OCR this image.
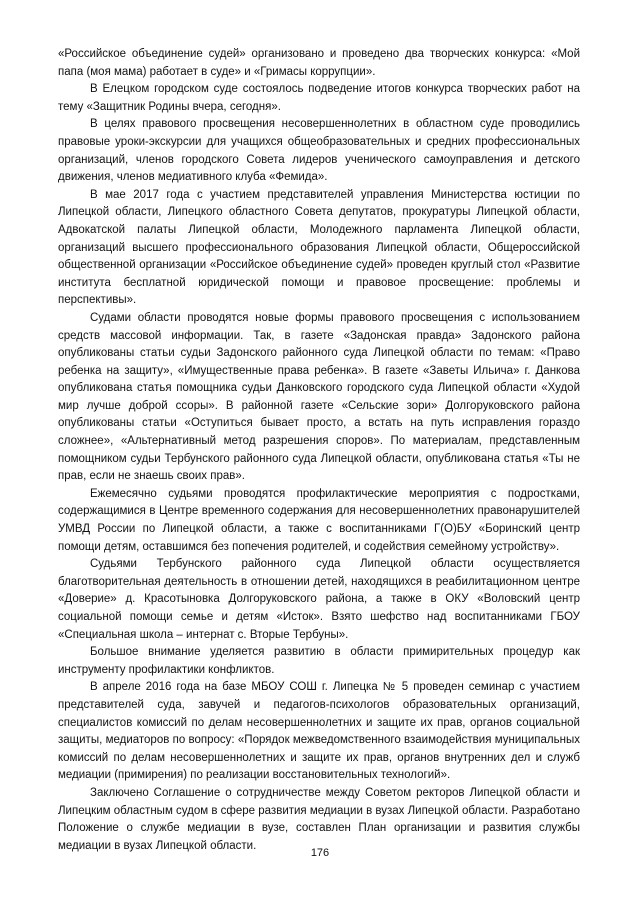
«Российское объединение судей» организовано и проведено два творческих конкурса: «Мой папа (моя мама) работает в суде» и «Гримасы коррупции».

В Елецком городском суде состоялось подведение итогов конкурса творческих работ на тему «Защитник Родины вчера, сегодня».

В целях правового просвещения несовершеннолетних в областном суде проводились правовые уроки-экскурсии для учащихся общеобразовательных и средних профессиональных организаций, членов городского Совета лидеров ученического самоуправления и детского движения, членов медиативного клуба «Фемида».

В мае 2017 года с участием представителей управления Министерства юстиции по Липецкой области, Липецкого областного Совета депутатов, прокуратуры Липецкой области, Адвокатской палаты Липецкой области, Молодежного парламента Липецкой области, организаций высшего профессионального образования Липецкой области, Общероссийской общественной организации «Российское объединение судей» проведен круглый стол «Развитие института бесплатной юридической помощи и правовое просвещение: проблемы и перспективы».

Судами области проводятся новые формы правового просвещения с использованием средств массовой информации. Так, в газете «Задонская правда» Задонского района опубликованы статьи судьи Задонского районного суда Липецкой области по темам: «Право ребенка на защиту», «Имущественные права ребенка». В газете «Заветы Ильича» г. Данкова опубликована статья помощника судьи Данковского городского суда Липецкой области «Худой мир лучше доброй ссоры». В районной газете «Сельские зори» Долгоруковского района опубликованы статьи «Оступиться бывает просто, а встать на путь исправления гораздо сложнее», «Альтернативный метод разрешения споров». По материалам, представленным помощником судьи Тербунского районного суда Липецкой области, опубликована статья «Ты не прав, если не знаешь своих прав».

Ежемесячно судьями проводятся профилактические мероприятия с подростками, содержащимися в Центре временного содержания для несовершеннолетних правонарушителей УМВД России по Липецкой области, а также с воспитанниками Г(О)БУ «Боринский центр помощи детям, оставшимся без попечения родителей, и содействия семейному устройству».

Судьями Тербунского районного суда Липецкой области осуществляется благотворительная деятельность в отношении детей, находящихся в реабилитационном центре «Доверие» д. Красотыновка Долгоруковского района, а также в ОКУ «Воловский центр социальной помощи семье и детям «Исток». Взято шефство над воспитанниками ГБОУ «Специальная школа – интернат с. Вторые Тербуны».

Большое внимание уделяется развитию в области примирительных процедур как инструменту профилактики конфликтов.

В апреле 2016 года на базе МБОУ СОШ г. Липецка № 5 проведен семинар с участием представителей суда, завучей и педагогов-психологов образовательных организаций, специалистов комиссий по делам несовершеннолетних и защите их прав, органов социальной защиты, медиаторов по вопросу: «Порядок межведомственного взаимодействия муниципальных комиссий по делам несовершеннолетних и защите их прав, органов внутренних дел и служб медиации (примирения) по реализации восстановительных технологий».

Заключено Соглашение о сотрудничестве между Советом ректоров Липецкой области и Липецким областным судом в сфере развития медиации в вузах Липецкой области. Разработано Положение о службе медиации в вузе, составлен План организации и развития службы медиации в вузах Липецкой области.

176
